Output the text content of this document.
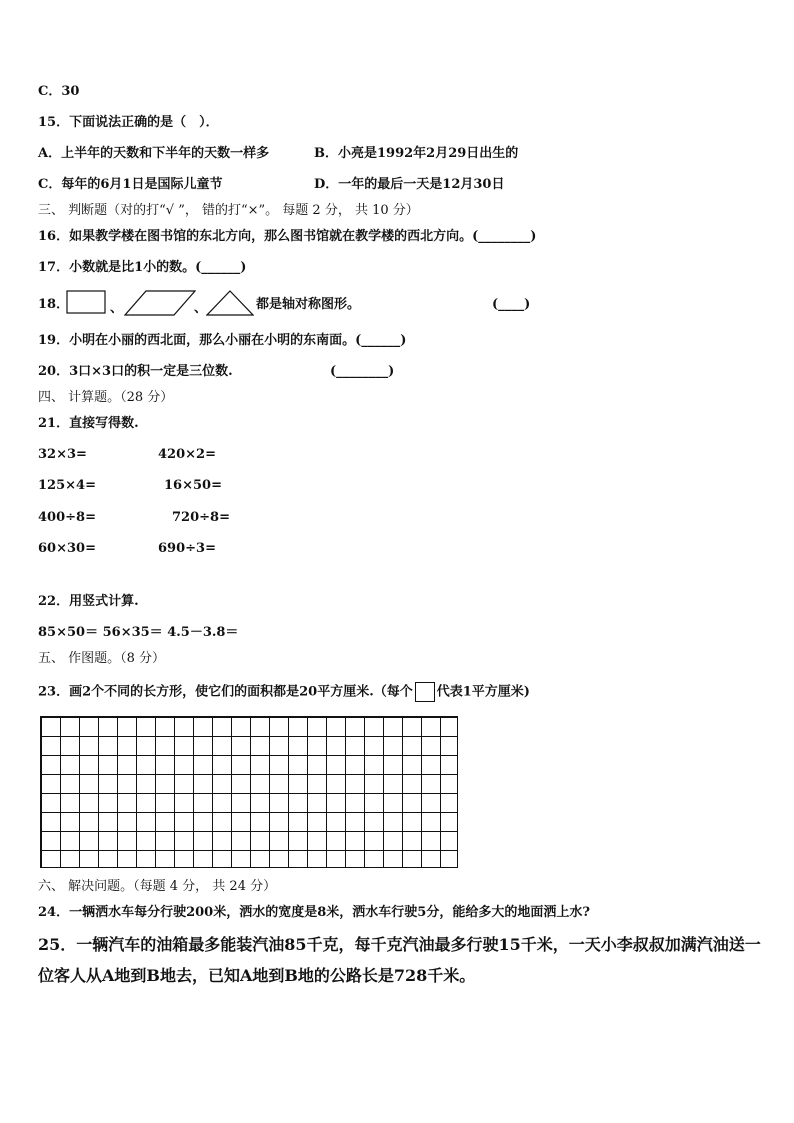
C．30
15．下面说法正确的是（　）．
A．上半年的天数和下半年的天数一样多	B．小亮是1992年2月29日出生的
C．每年的6月1日是国际儿童节	D．一年的最后一天是12月30日
三、 判断题（对的打“√ ”， 错的打“×”。 每题 2 分， 共 10 分）
16．如果教学楼在图书馆的东北方向，那么图书馆就在教学楼的西北方向。(________)
17．小数就是比1小的数。(______)
18．	、	、	都是轴对称图形。	(____)
19．小明在小丽的西北面，那么小丽在小明的东南面。(______)
20．3口×3口的积一定是三位数.	(________)
四、 计算题。（28 分）
21．直接写得数.
32×3=	420×2=
125×4=	16×50=
400÷8=	720÷8=
60×30=	690÷3=
22．用竖式计算.
85×50＝ 56×35＝ 4.5－3.8＝
五、 作图题。（8 分）
23．画2个不同的长方形，使它们的面积都是20平方厘米.（每个 代表1平方厘米)
六、 解决问题。（每题 4 分， 共 24 分）
24．一辆洒水车每分行驶200米，洒水的宽度是8米，洒水车行驶5分，能给多大的地面洒上水?
25．一辆汽车的油箱最多能装汽油85千克，每千克汽油最多行驶15千米，一天小李叔叔加满汽油送一
位客人从A地到B地去，已知A地到B地的公路长是728千米。
